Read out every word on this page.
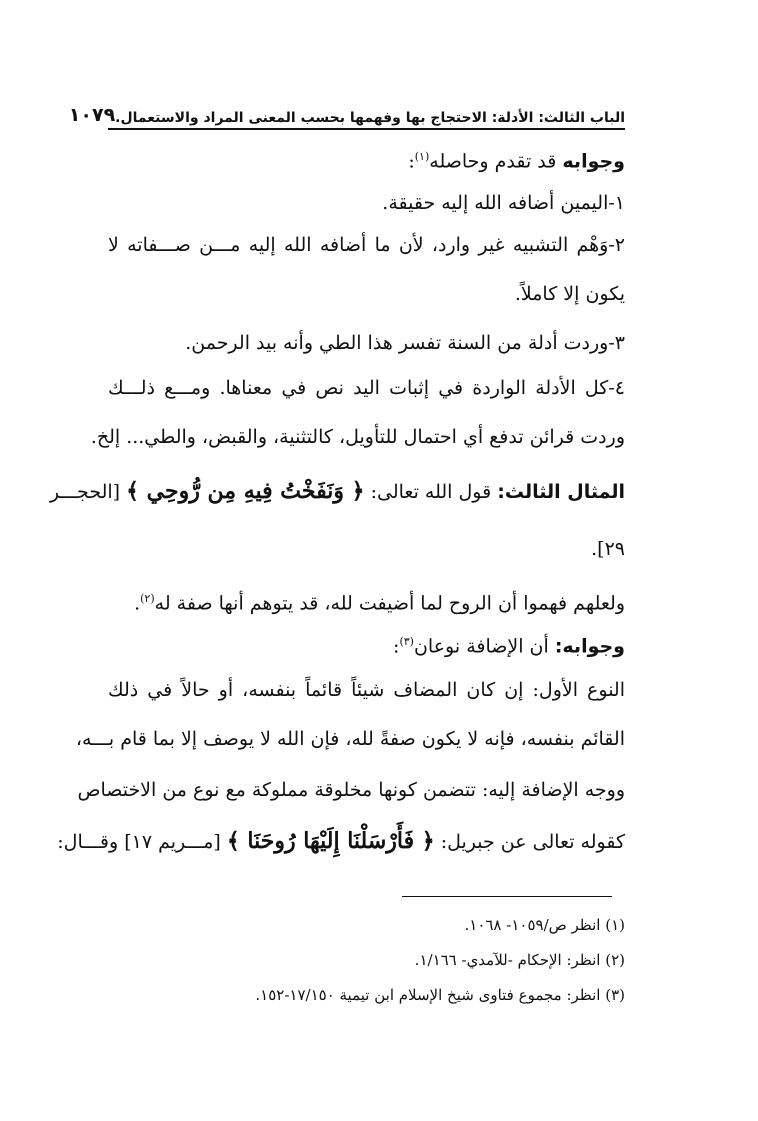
الباب الثالث: الأدلة: الاحتجاج بها وفهمها بحسب المعنى المراد والاستعمال.
١٠٧٩
وجوابه قد تقدم وحاصله$^{(١)}$:
١-اليمين أضافه الله إليه حقيقة.
٢-وَهْم التشبيه غير وارد، لأن ما أضافه الله إليه مـــن صـــفاته لا
يكون إلا كاملاً.
٣-وردت أدلة من السنة تفسر هذا الطي وأنه بيد الرحمن.
٤-كل الأدلة الواردة في إثبات اليد نص في معناها. ومـــع ذلـــك
وردت قرائن تدفع أي احتمال للتأويل، كالتثنية، والقبض، والطي... إلخ.
المثال الثالث: قول الله تعالى: ﴿ وَنَفَخْتُ فِيهِ مِن رُّوحِي ﴾ [الحجـــر
٢٩].
ولعلهم فهموا أن الروح لما أضيفت لله، قد يتوهم أنها صفة له$^{(٢)}$.
وجوابه: أن الإضافة نوعان$^{(٣)}$:
النوع الأول: إن كان المضاف شيئاً قائماً بنفسه، أو حالاً في ذلك
القائم بنفسه، فإنه لا يكون صفةً لله، فإن الله لا يوصف إلا بما قام بـــه،
ووجه الإضافة إليه: تتضمن كونها مخلوقة مملوكة مع نوع من الاختصاص
كقوله تعالى عن جبريل: ﴿ فَأَرْسَلْنَا إِلَيْهَا رُوحَنَا ﴾ [مـــريم ١٧] وقـــال:
(١) انظر ص/١٠٥٩- ١٠٦٨.
(٢) انظر: الإحكام -للآمدي- ١/١٦٦.
(٣) انظر: مجموع فتاوى شيخ الإسلام ابن تيمية ١٧/١٥٠-١٥٢.
